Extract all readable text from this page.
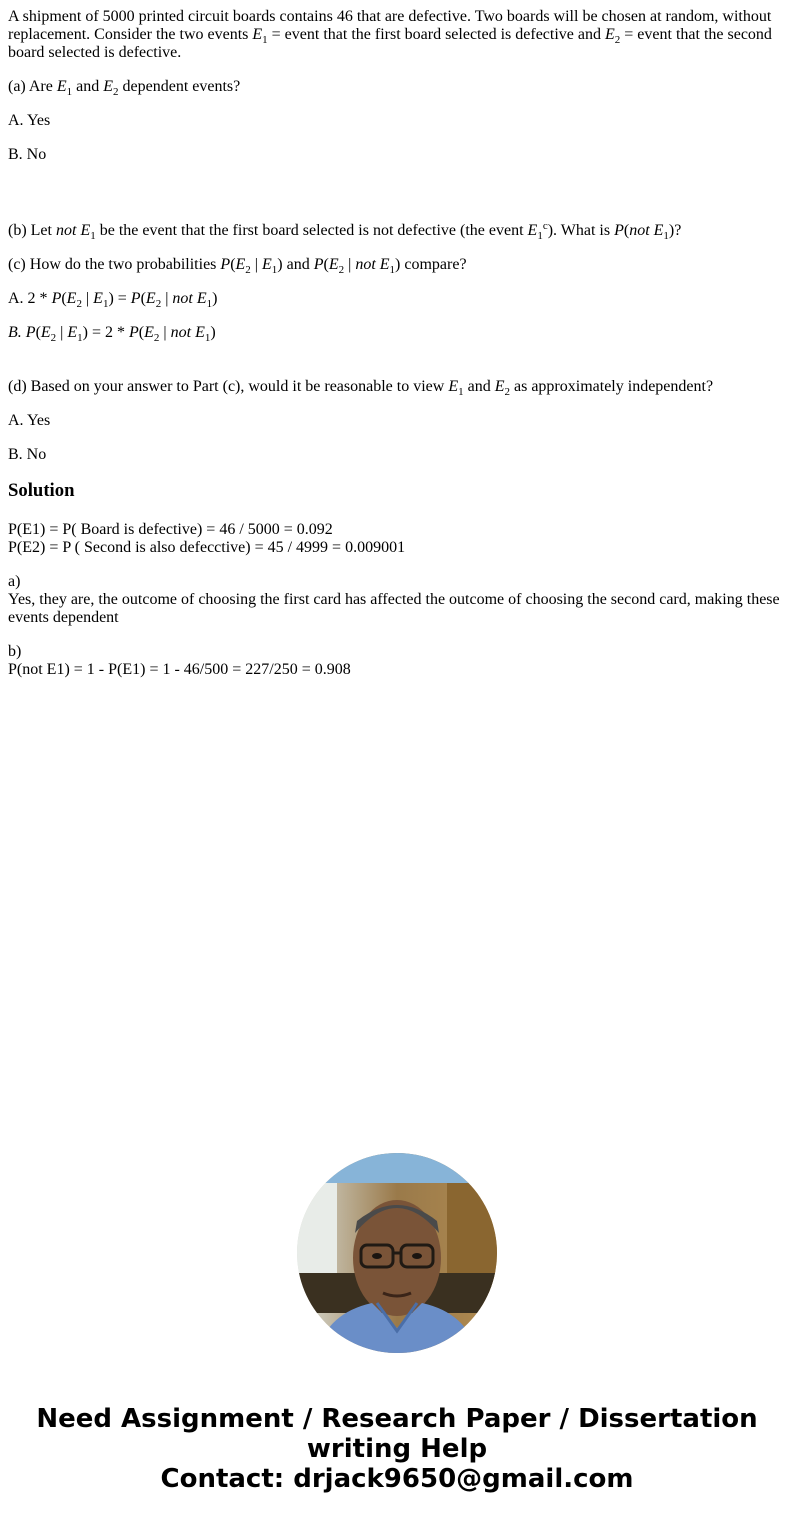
A shipment of 5000 printed circuit boards contains 46 that are defective. Two boards will be chosen at random, without replacement. Consider the two events $E_1$ = event that the first board selected is defective and $E_2$ = event that the second board selected is defective.

(a) Are $E_1$ and $E_2$ dependent events?

A. Yes

B. No

(b) Let not $E_1$ be the event that the first board selected is not defective (the event $E_1^c$). What is P(not $E_1$)?

(c) How do the two probabilities $P(E_2$ | $E_1$) and $P(E_2$ | not $E_1$) compare?

A. $2 * P(E_2$ | $E_1) = P(E_2$ | not $E_1$)

B. $P(E_2$ | $E_1) = 2 * P(E_2$ | not $E_1$)

(d) Based on your answer to Part (c), would it be reasonable to view $E_1$ and $E_2$ as approximately independent?

A. Yes

B. No

Solution
P(E1) = P( Board is defective) = 46 / 5000 = 0.092
P(E2) = P ( Second is also defecctive) = 45 / 4999 = 0.009001
a)
Yes, they are, the outcome of choosing the first card has affected the outcome of choosing the second card, making these events dependent
b)
P(not E1) = 1 - P(E1) = 1 - 46/500 = 227/250 = 0.908
Need Assignment / Research Paper / Dissertation
writing Help
Contact: drjack9650@gmail.com
